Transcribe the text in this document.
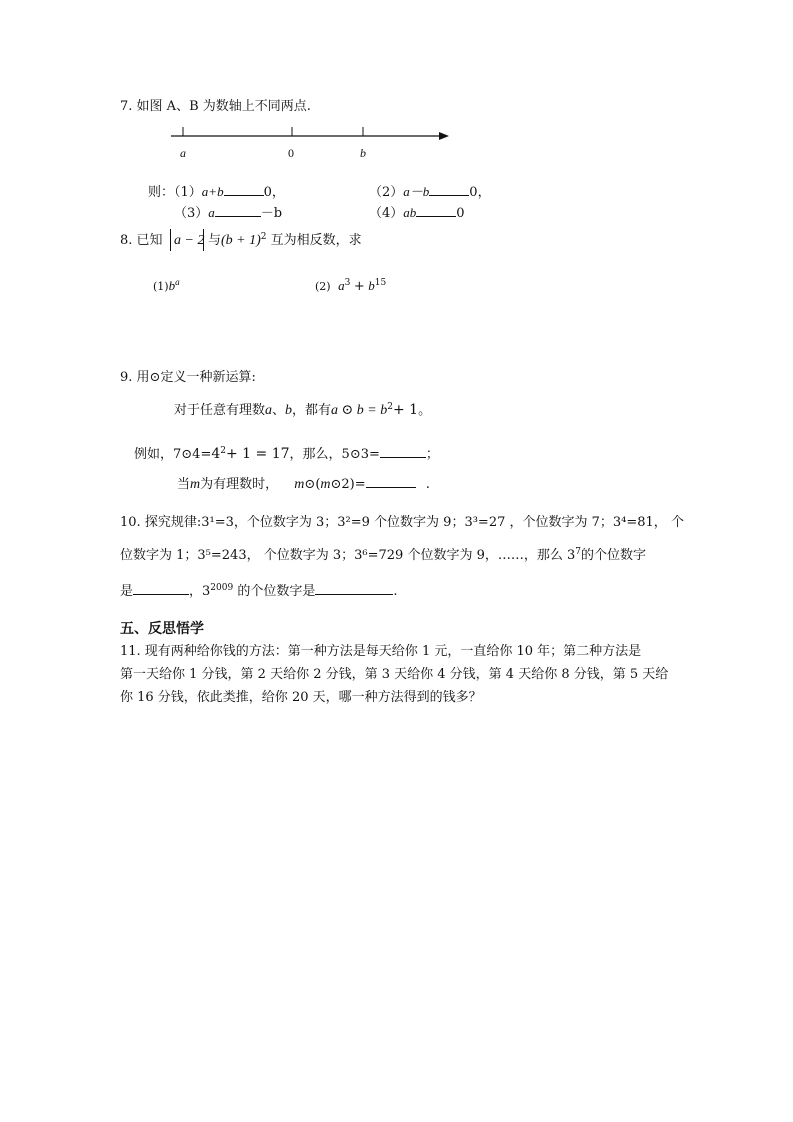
7. 如图 A、B 为数轴上不同两点.
a	0	b
则：（1）a+b	0，	（2）a－b	0，
（3）a	－b	（4）ab	0
8. 已知 a − 2 与$(b + 1)^2$ 互为相反数，求
$(1)b^a$	(2) $a^3 + b^{15}$
9. 用⊙定义一种新运算:
对于任意有理数a、b，都有a ⊙ $b = b^2+ 1$。
例如，$7⊙4=4^2+ 1 = 17$，那么，5⊙3=	；
当m为有理数时， m⊙(m⊙2)=	.
10. 探究规律:3¹=3，个位数字为 3；3²=9 个位数字为 9；3³=27 ，个位数字为 7；3⁴=81， 个
位数字为 1；3⁵=243， 个位数字为 3；3⁶=729 个位数字为 9，……，那么 $3^7$的个位数字
是	，$3^{2009}$ 的个位数字是	.
五、反思悟学
11. 现有两种给你钱的方法：第一种方法是每天给你 1 元，一直给你 10 年；第二种方法是
第一天给你 1 分钱，第 2 天给你 2 分钱，第 3 天给你 4 分钱，第 4 天给你 8 分钱，第 5 天给
你 16 分钱，依此类推，给你 20 天，哪一种方法得到的钱多？
